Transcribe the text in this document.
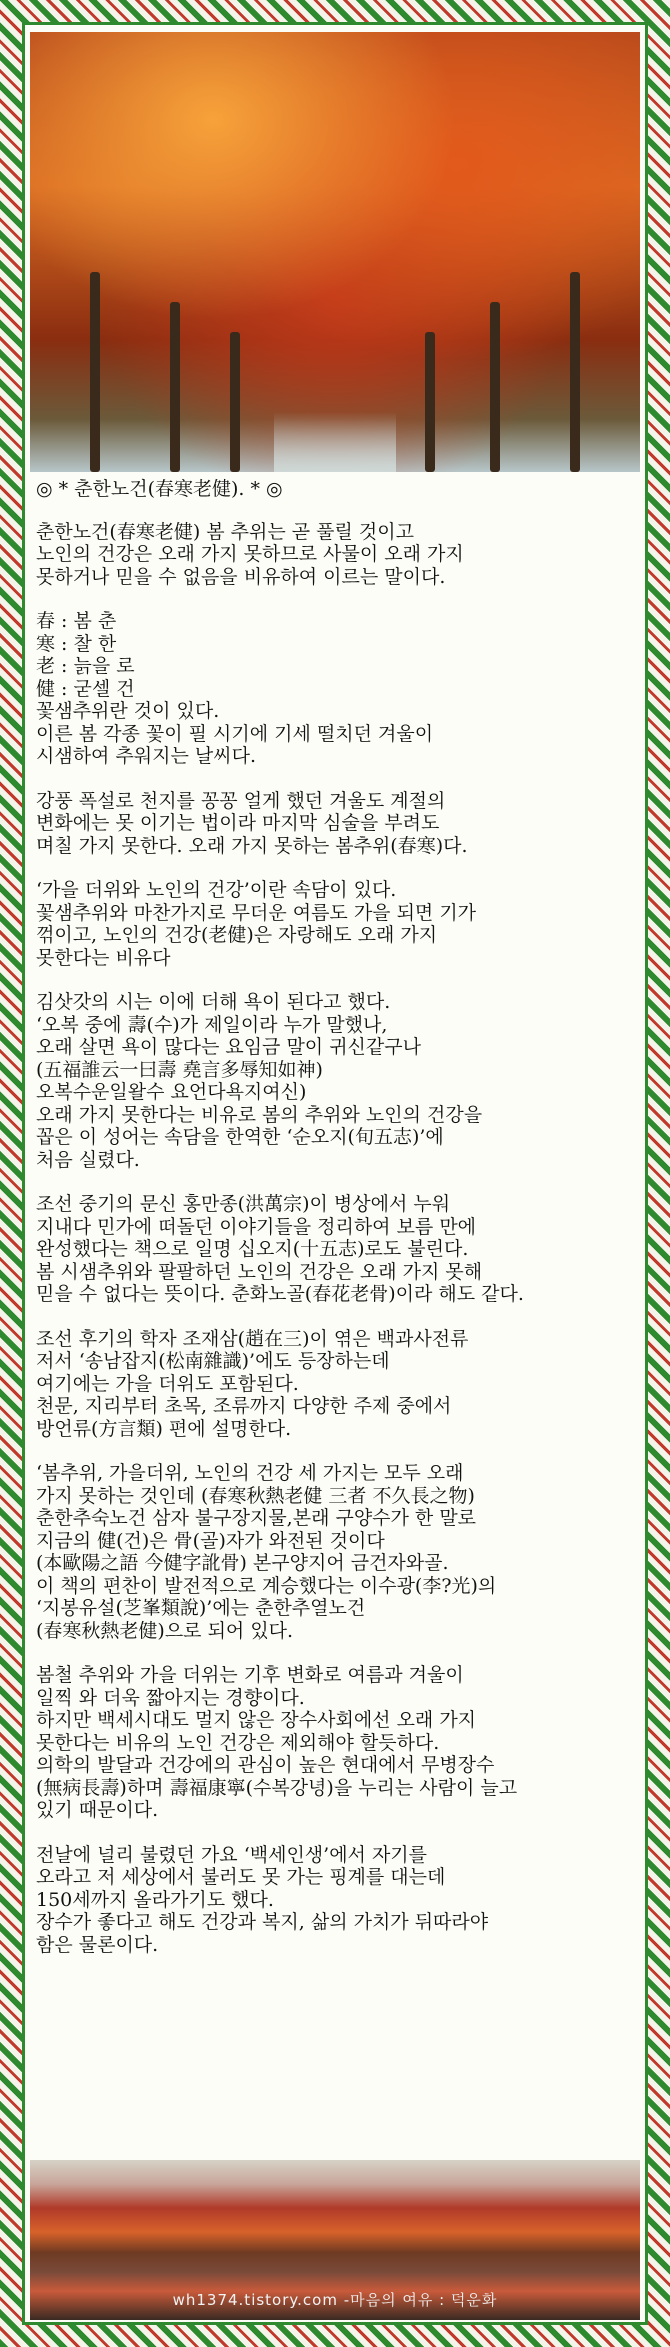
◎ * 춘한노건(春寒老健). * ◎
춘한노건(春寒老健) 봄 추위는 곧 풀릴 것이고
노인의 건강은 오래 가지 못하므로 사물이 오래 가지
못하거나 믿을 수 없음을 비유하여 이르는 말이다.
春 : 봄 춘
寒 : 찰 한
老 : 늙을 로
健 : 굳셀 건
꽃샘추위란 것이 있다.
이른 봄 각종 꽃이 필 시기에 기세 떨치던 겨울이
시샘하여 추워지는 날씨다.
강풍 폭설로 천지를 꽁꽁 얼게 했던 겨울도 계절의
변화에는 못 이기는 법이라 마지막 심술을 부려도
며칠 가지 못한다. 오래 가지 못하는 봄추위(春寒)다.
‘가을 더위와 노인의 건강’이란 속담이 있다.
꽃샘추위와 마찬가지로 무더운 여름도 가을 되면 기가
꺾이고, 노인의 건강(老健)은 자랑해도 오래 가지
못한다는 비유다
김삿갓의 시는 이에 더해 욕이 된다고 했다.
‘오복 중에 壽(수)가 제일이라 누가 말했나,
오래 살면 욕이 많다는 요임금 말이 귀신같구나
(五福誰云一曰壽 堯言多辱知如神)
오복수운일왈수 요언다욕지여신)
오래 가지 못한다는 비유로 봄의 추위와 노인의 건강을
꼽은 이 성어는 속담을 한역한 ‘순오지(旬五志)’에
처음 실렸다.
조선 중기의 문신 홍만종(洪萬宗)이 병상에서 누워
지내다 민가에 떠돌던 이야기들을 정리하여 보름 만에
완성했다는 책으로 일명 십오지(十五志)로도 불린다.
봄 시샘추위와 팔팔하던 노인의 건강은 오래 가지 못해
믿을 수 없다는 뜻이다. 춘화노골(春花老骨)이라 해도 같다.
조선 후기의 학자 조재삼(趙在三)이 엮은 백과사전류
저서 ‘송남잡지(松南雜識)’에도 등장하는데
여기에는 가을 더위도 포함된다.
천문, 지리부터 초목, 조류까지 다양한 주제 중에서
방언류(方言類) 편에 설명한다.
‘봄추위, 가을더위, 노인의 건강 세 가지는 모두 오래
가지 못하는 것인데 (春寒秋熱老健 三者 不久長之物)
춘한추숙노건 삼자 불구장지물,본래 구양수가 한 말로
지금의 健(건)은 骨(골)자가 와전된 것이다
(本歐陽之語 今健字訛骨) 본구양지어 금건자와골.
이 책의 편찬이 발전적으로 계승했다는 이수광(李?光)의
‘지봉유설(芝峯類說)’에는 춘한추열노건
(春寒秋熱老健)으로 되어 있다.
봄철 추위와 가을 더위는 기후 변화로 여름과 겨울이
일찍 와 더욱 짧아지는 경향이다.
하지만 백세시대도 멀지 않은 장수사회에선 오래 가지
못한다는 비유의 노인 건강은 제외해야 할듯하다.
의학의 발달과 건강에의 관심이 높은 현대에서 무병장수
(無病長壽)하며 壽福康寧(수복강녕)을 누리는 사람이 늘고
있기 때문이다.
전날에 널리 불렸던 가요 ‘백세인생’에서 자기를
오라고 저 세상에서 불러도 못 가는 핑계를 대는데
150세까지 올라가기도 했다.
장수가 좋다고 해도 건강과 복지, 삶의 가치가 뒤따라야
함은 물론이다.
wh1374.tistory.com -마음의 여유 : 덕운화
